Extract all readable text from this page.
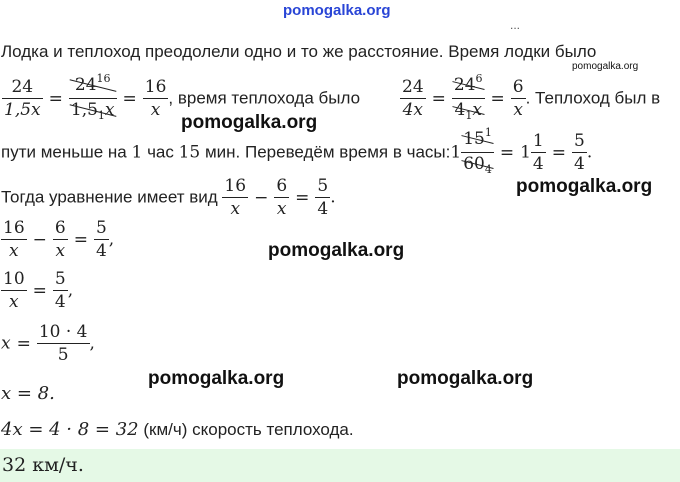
pomogalka.org
...
Лодка и теплоход преодолели одно и то же расстояние. Время лодки было
pomogalka.org
$\frac{24}{1,5x} = \frac{24^{16}}{1,5_1x} = \frac{16}{x}$ , время теплохода было $\frac{24}{4x} = \frac{24^6}{4_1x} = \frac{6}{x}$ . Теплоход был в
pomogalka.org
пути меньше на 1 час 15 мин. Переведём время в часы:1 $\frac{15^1}{60_4} = 1 \frac{1}{4} = \frac{5}{4}$ .
pomogalka.org
Тогда уравнение имеет вид $\frac{16}{x} - \frac{6}{x} = \frac{5}{4}$ .
$\frac{16}{x} - \frac{6}{x} = \frac{5}{4}$ ,
pomogalka.org
$\frac{10}{x} = \frac{5}{4}$ ,
$x = \frac{10 \cdot 4}{5}$ ,
pomogalka.org	pomogalka.org
x = 8.
4x = 4 · 8 = 32 (км/ч) скорость теплохода.
32 км/ч.
